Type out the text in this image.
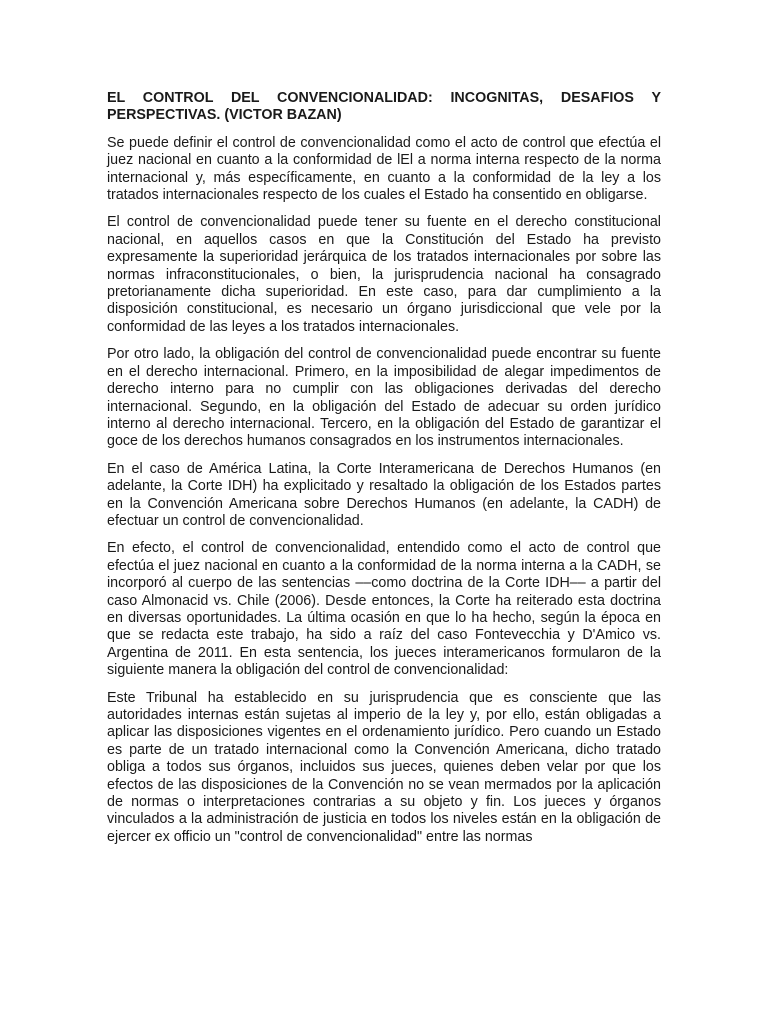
EL CONTROL DEL CONVENCIONALIDAD: INCOGNITAS, DESAFIOS Y PERSPECTIVAS. (VICTOR BAZAN)

Se puede definir el control de convencionalidad como el acto de control que efectúa el juez nacional en cuanto a la conformidad de lEl a norma interna respecto de la norma internacional y, más específicamente, en cuanto a la conformidad de la ley a los tratados internacionales respecto de los cuales el Estado ha consentido en obligarse.

El control de convencionalidad puede tener su fuente en el derecho constitucional nacional, en aquellos casos en que la Constitución del Estado ha previsto expresamente la superioridad jerárquica de los tratados internacionales por sobre las normas infraconstitucionales, o bien, la jurisprudencia nacional ha consagrado pretorianamente dicha superioridad. En este caso, para dar cumplimiento a la disposición constitucional, es necesario un órgano jurisdiccional que vele por la conformidad de las leyes a los tratados internacionales.

Por otro lado, la obligación del control de convencionalidad puede encontrar su fuente en el derecho internacional. Primero, en la imposibilidad de alegar impedimentos de derecho interno para no cumplir con las obligaciones derivadas del derecho internacional. Segundo, en la obligación del Estado de adecuar su orden jurídico interno al derecho internacional. Tercero, en la obligación del Estado de garantizar el goce de los derechos humanos consagrados en los instrumentos internacionales.

En el caso de América Latina, la Corte Interamericana de Derechos Humanos (en adelante, la Corte IDH) ha explicitado y resaltado la obligación de los Estados partes en la Convención Americana sobre Derechos Humanos (en adelante, la CADH) de efectuar un control de convencionalidad.

En efecto, el control de convencionalidad, entendido como el acto de control que efectúa el juez nacional en cuanto a la conformidad de la norma interna a la CADH, se incorporó al cuerpo de las sentencias ––como doctrina de la Corte IDH–– a partir del caso Almonacid vs. Chile (2006). Desde entonces, la Corte ha reiterado esta doctrina en diversas oportunidades. La última ocasión en que lo ha hecho, según la época en que se redacta este trabajo, ha sido a raíz del caso Fontevecchia y D'Amico vs. Argentina de 2011. En esta sentencia, los jueces interamericanos formularon de la siguiente manera la obligación del control de convencionalidad:

Este Tribunal ha establecido en su jurisprudencia que es consciente que las autoridades internas están sujetas al imperio de la ley y, por ello, están obligadas a aplicar las disposiciones vigentes en el ordenamiento jurídico. Pero cuando un Estado es parte de un tratado internacional como la Convención Americana, dicho tratado obliga a todos sus órganos, incluidos sus jueces, quienes deben velar por que los efectos de las disposiciones de la Convención no se vean mermados por la aplicación de normas o interpretaciones contrarias a su objeto y fin. Los jueces y órganos vinculados a la administración de justicia en todos los niveles están en la obligación de ejercer ex officio un "control de convencionalidad" entre las normas
